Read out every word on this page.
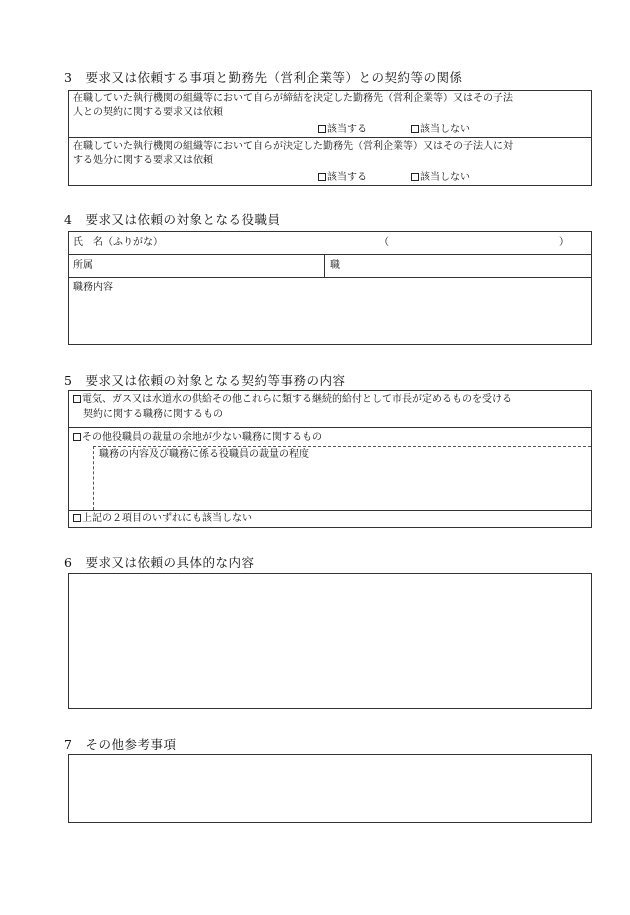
3　要求又は依頼する事項と勤務先（営利企業等）との契約等の関係
在職していた執行機関の組織等において自らが締結を決定した勤務先（営利企業等）又はその子法
人との契約に関する要求又は依頼
該当する	該当しない
在職していた執行機関の組織等において自らが決定した勤務先（営利企業等）又はその子法人に対
する処分に関する要求又は依頼
該当する	該当しない
4　要求又は依頼の対象となる役職員
氏　名（ふりがな）	（	）
所属	職
職務内容
5　要求又は依頼の対象となる契約等事務の内容
電気、ガス又は水道水の供給その他これらに類する継続的給付として市長が定めるものを受ける
契約に関する職務に関するもの
その他役職員の裁量の余地が少ない職務に関するもの
職務の内容及び職務に係る役職員の裁量の程度
上記の２項目のいずれにも該当しない
6　要求又は依頼の具体的な内容
7　その他参考事項
